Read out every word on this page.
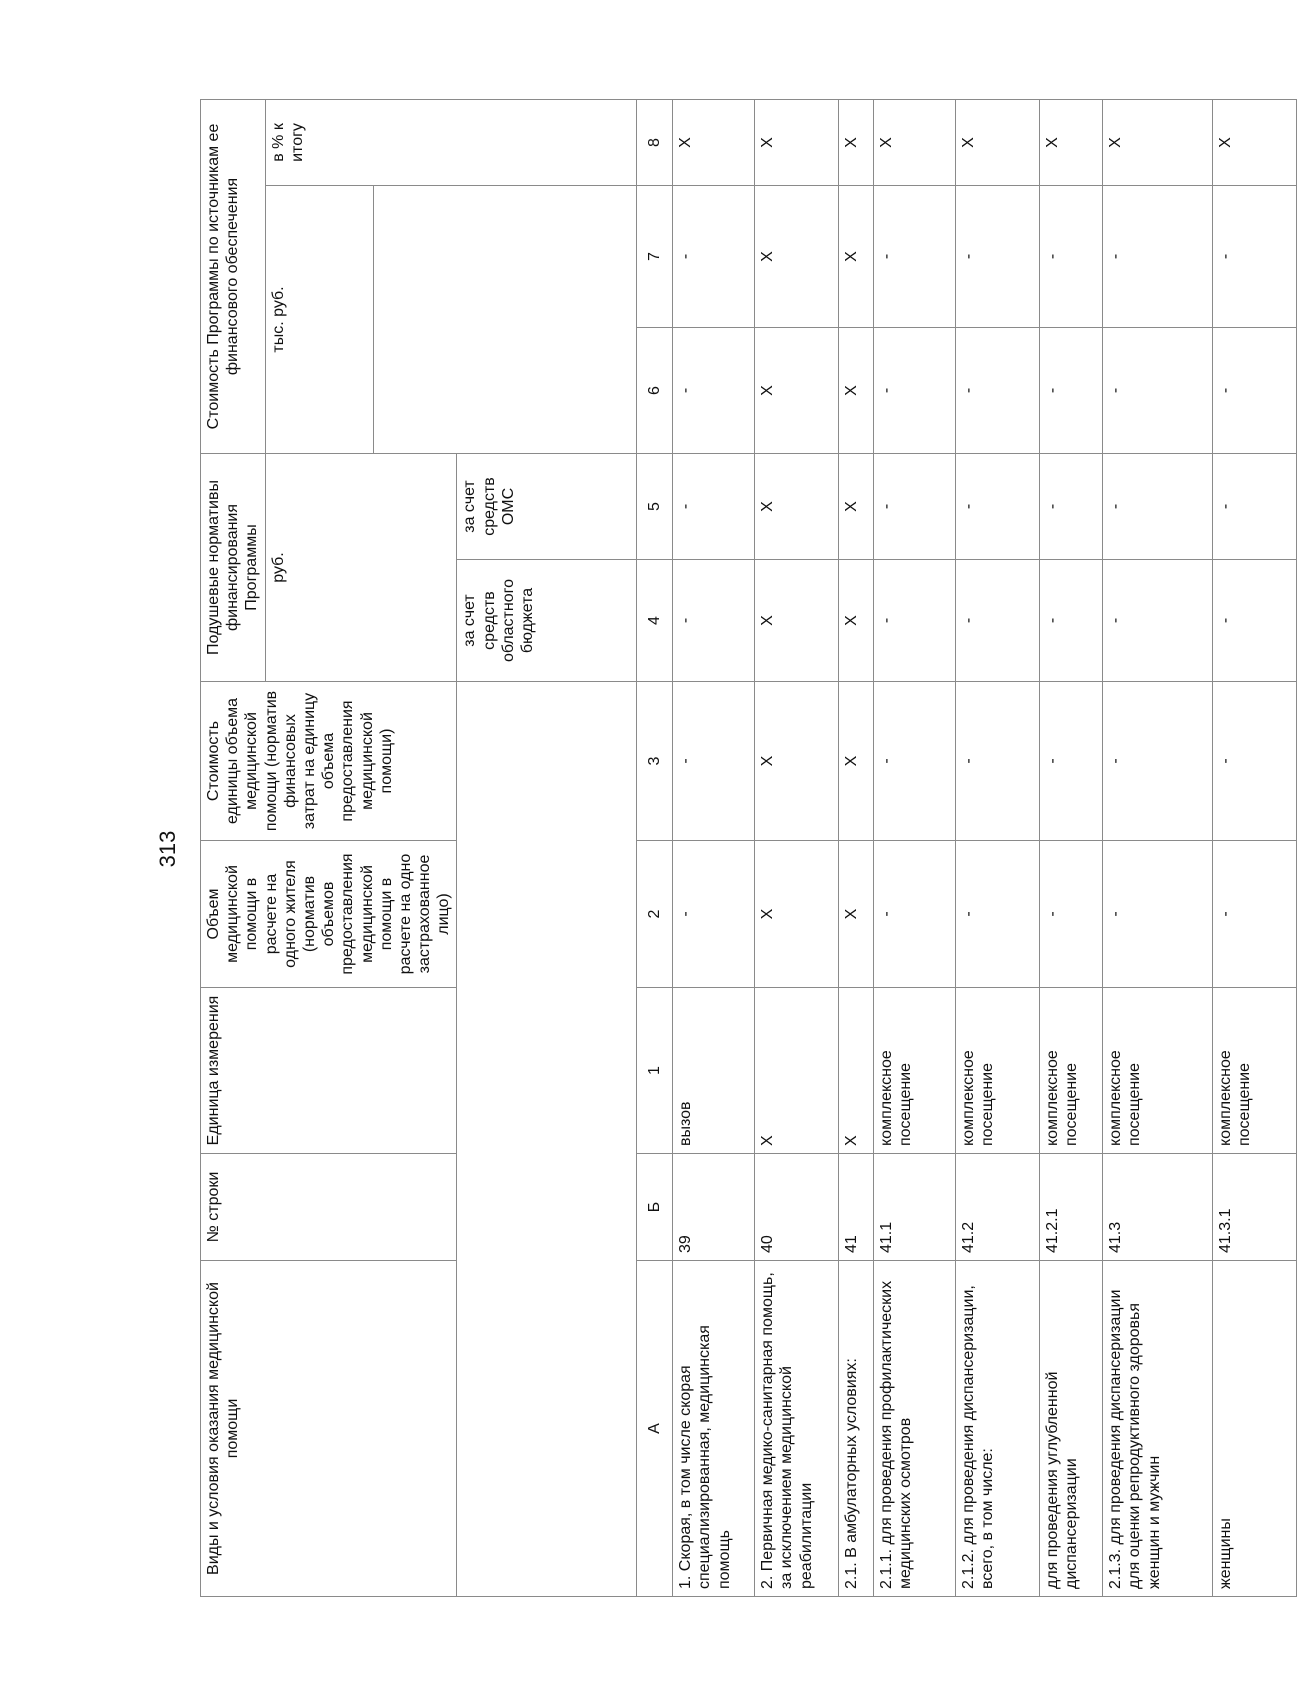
313
Виды и условия оказания медицинской помощи	№ строки	Единица измерения	Объем медицинской помощи в расчете на одного жителя (норматив объемов предоставления медицинской помощи в расчете на одно застрахованное лицо)	Стоимость единицы объема медицинской помощи (норматив финансовых затрат на единицу объема предоставления медицинской помощи)	Подушевые нормативы финансирования Программы		Стоимость Программы по источникам ее финансового обеспечения			
					руб.		тыс. руб.		в % к итогу	

					за счет средств областного бюджета	за счет средств ОМС		
А	Б	1	2	3	4	5	6	7	8	
1. Скорая, в том числе скорая специализированная, медицинская помощь	39	вызов	-	-	-	-	-	-	X	
2. Первичная медико-санитарная помощь, за исключением медицинской реабилитации	40	X	X	X	X	X	X	X	X	
2.1. В амбулаторных условиях:	41	X	X	X	X	X	X	X	X	
2.1.1. для проведения профилактических медицинских осмотров	41.1	комплексное посещение	-	-	-	-	-	-	X	
2.1.2. для проведения диспансеризации, всего, в том числе:	41.2	комплексное посещение	-	-	-	-	-	-	X	
для проведения углубленной диспансеризации	41.2.1	комплексное посещение	-	-	-	-	-	-	X	
2.1.3. для проведения диспансеризации для оценки репродуктивного здоровья женщин и мужчин	41.3	комплексное посещение	-	-	-	-	-	-	X	
женщины	41.3.1	комплексное посещение	-	-	-	-	-	-	X	
